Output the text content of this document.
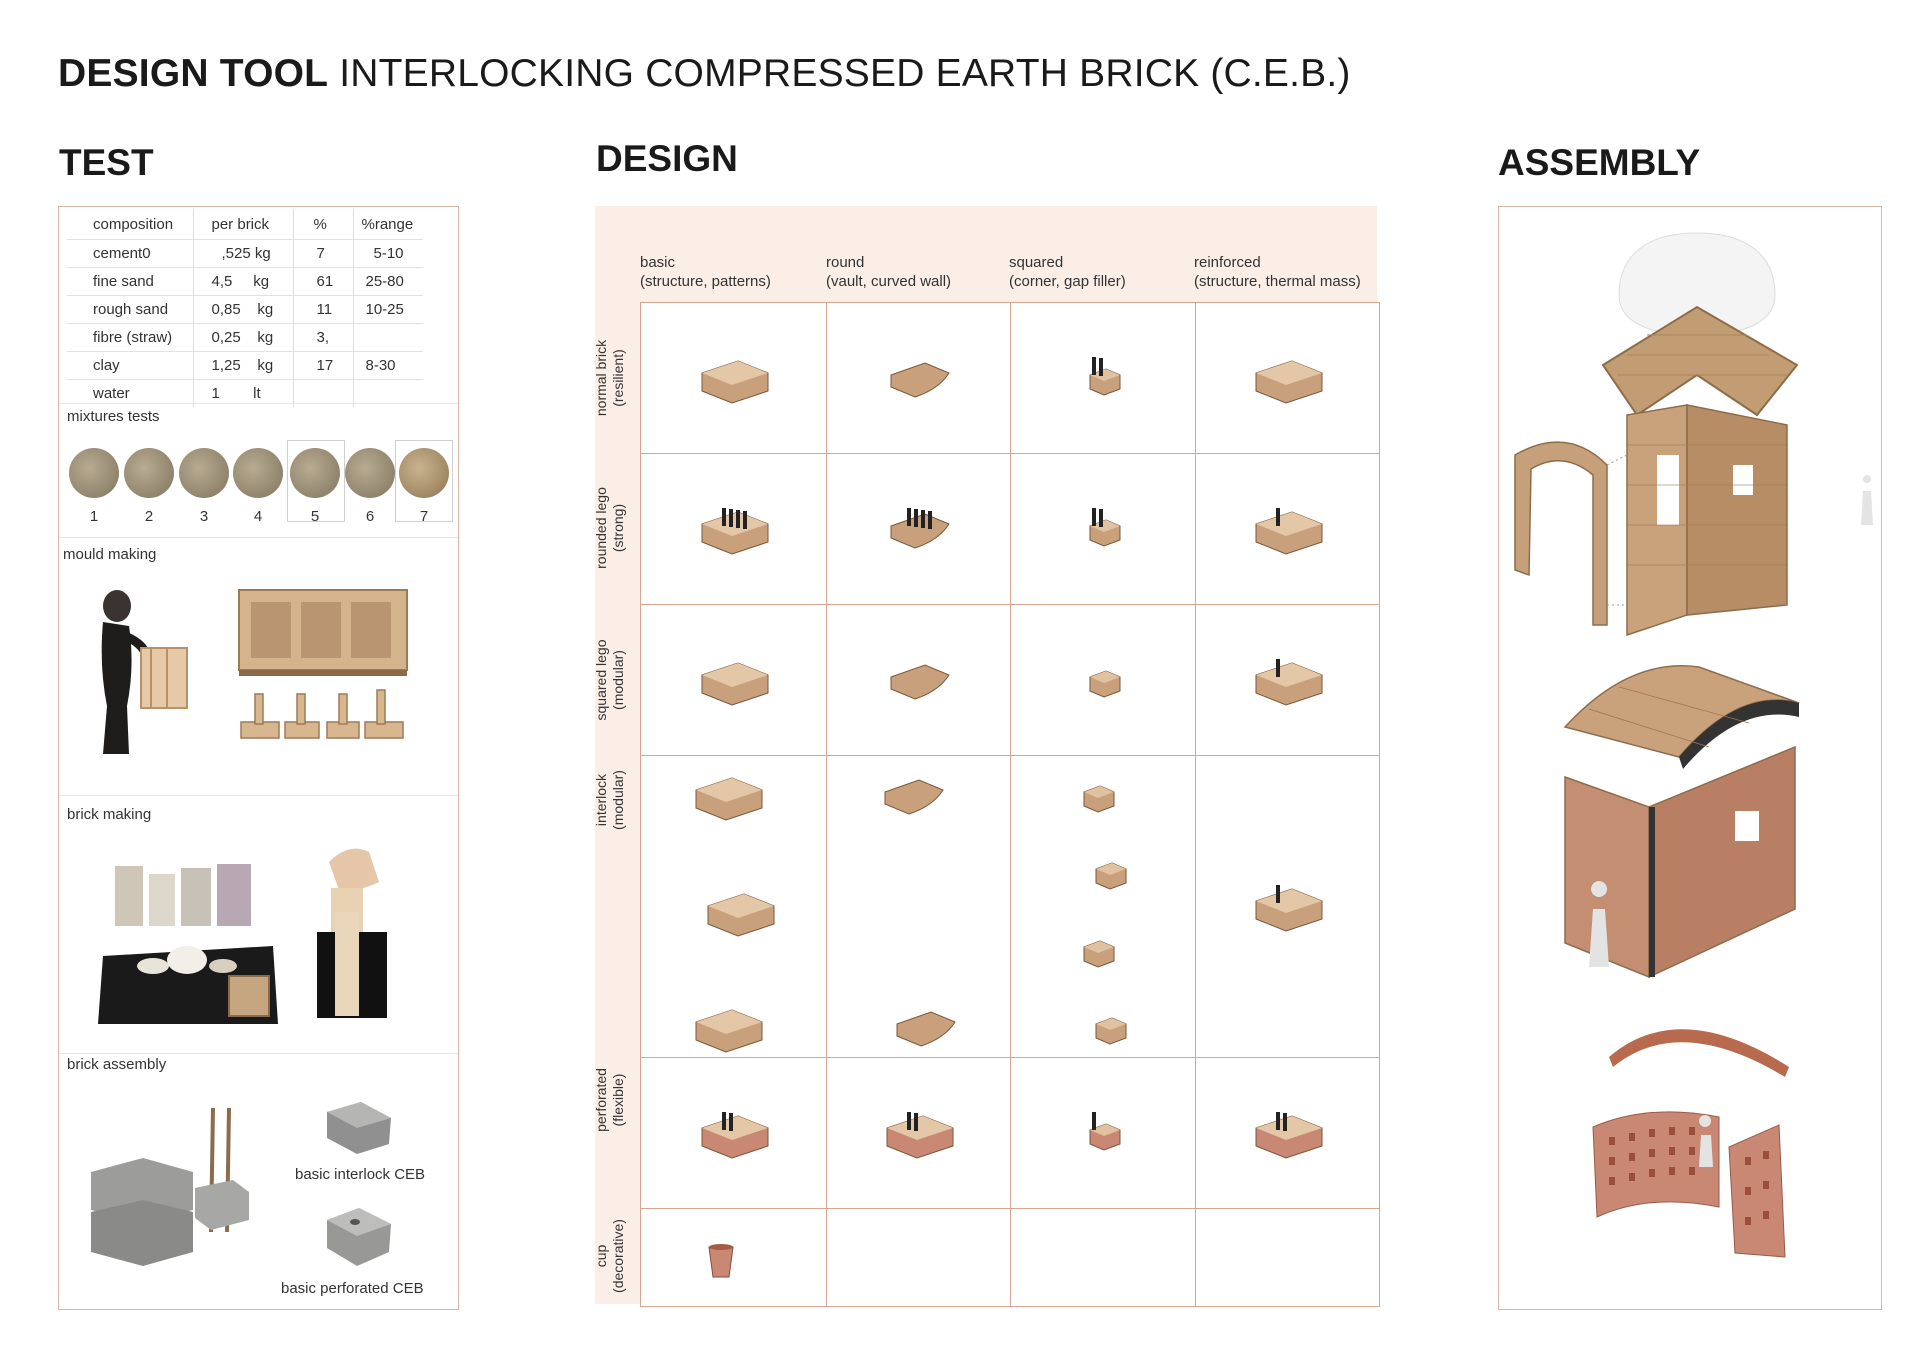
DESIGN TOOL INTERLOCKING COMPRESSED EARTH BRICK (C.E.B.)
TEST	DESIGN	ASSEMBLY
composition	per brick	%	%range
cement0	,525 kg	7	5-10
fine sand	4,5     kg	61	25-80
rough sand	0,85    kg	11	10-25
fibre (straw)	0,25    kg	3,	
clay	1,25    kg	17	8-30
water	1        lt		
mixtures tests
1	2	3	4	5	6	7
mould making
brick making
brick assembly
basic interlock CEB
basic perforated CEB
basic
(structure, patterns)
round
(vault, curved wall)
squared
(corner, gap filler)
reinforced
(structure, thermal mass)
normal brick (resilient)
rounded lego (strong)
squared lego (modular)
interlock (modular)
perforated (flexible)
cup (decorative)
